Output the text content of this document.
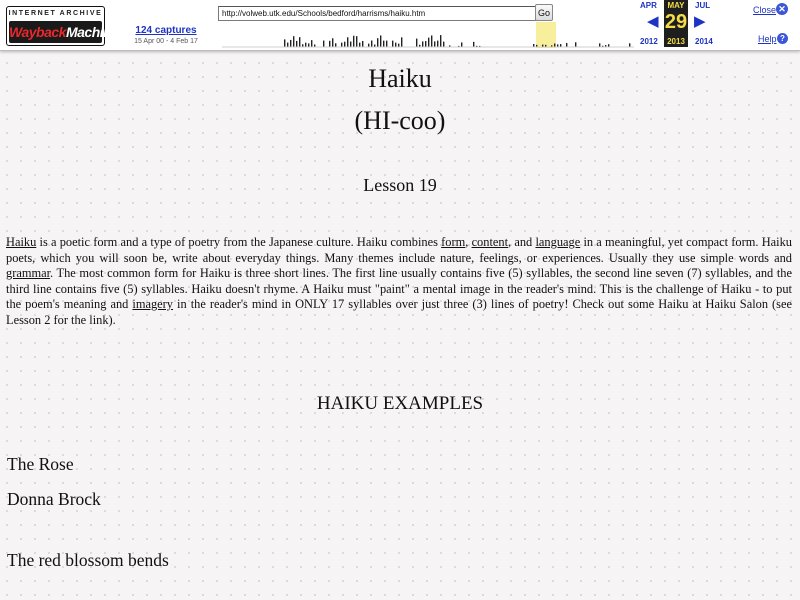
INTERNET ARCHIVE
WaybackMachine	124 captures
15 Apr 00 - 4 Feb 17
http://volweb.utk.edu/Schools/bedford/harrisms/haiku.htm
Go
APR	MAY
29
2013
JUL
◀ ▶
2012	2014
Close ✕
Help ?
Haiku
(HI-coo)
Lesson 19

Haiku is a poetic form and a type of poetry from the Japanese culture. Haiku combines form, content, and language in a meaningful, yet compact form. Haiku poets, which you will soon be, write about everyday things. Many themes include nature, feelings, or experiences. Usually they use simple words and grammar. The most common form for Haiku is three short lines. The first line usually contains five (5) syllables, the second line seven (7) syllables, and the third line contains five (5) syllables. Haiku doesn't rhyme. A Haiku must "paint" a mental image in the reader's mind. This is the challenge of Haiku - to put the poem's meaning and imagery in the reader's mind in ONLY 17 syllables over just three (3) lines of poetry! Check out some Haiku at Haiku Salon (see Lesson 2 for the link).

HAIKU EXAMPLES
The Rose
Donna Brock
The red blossom bends
